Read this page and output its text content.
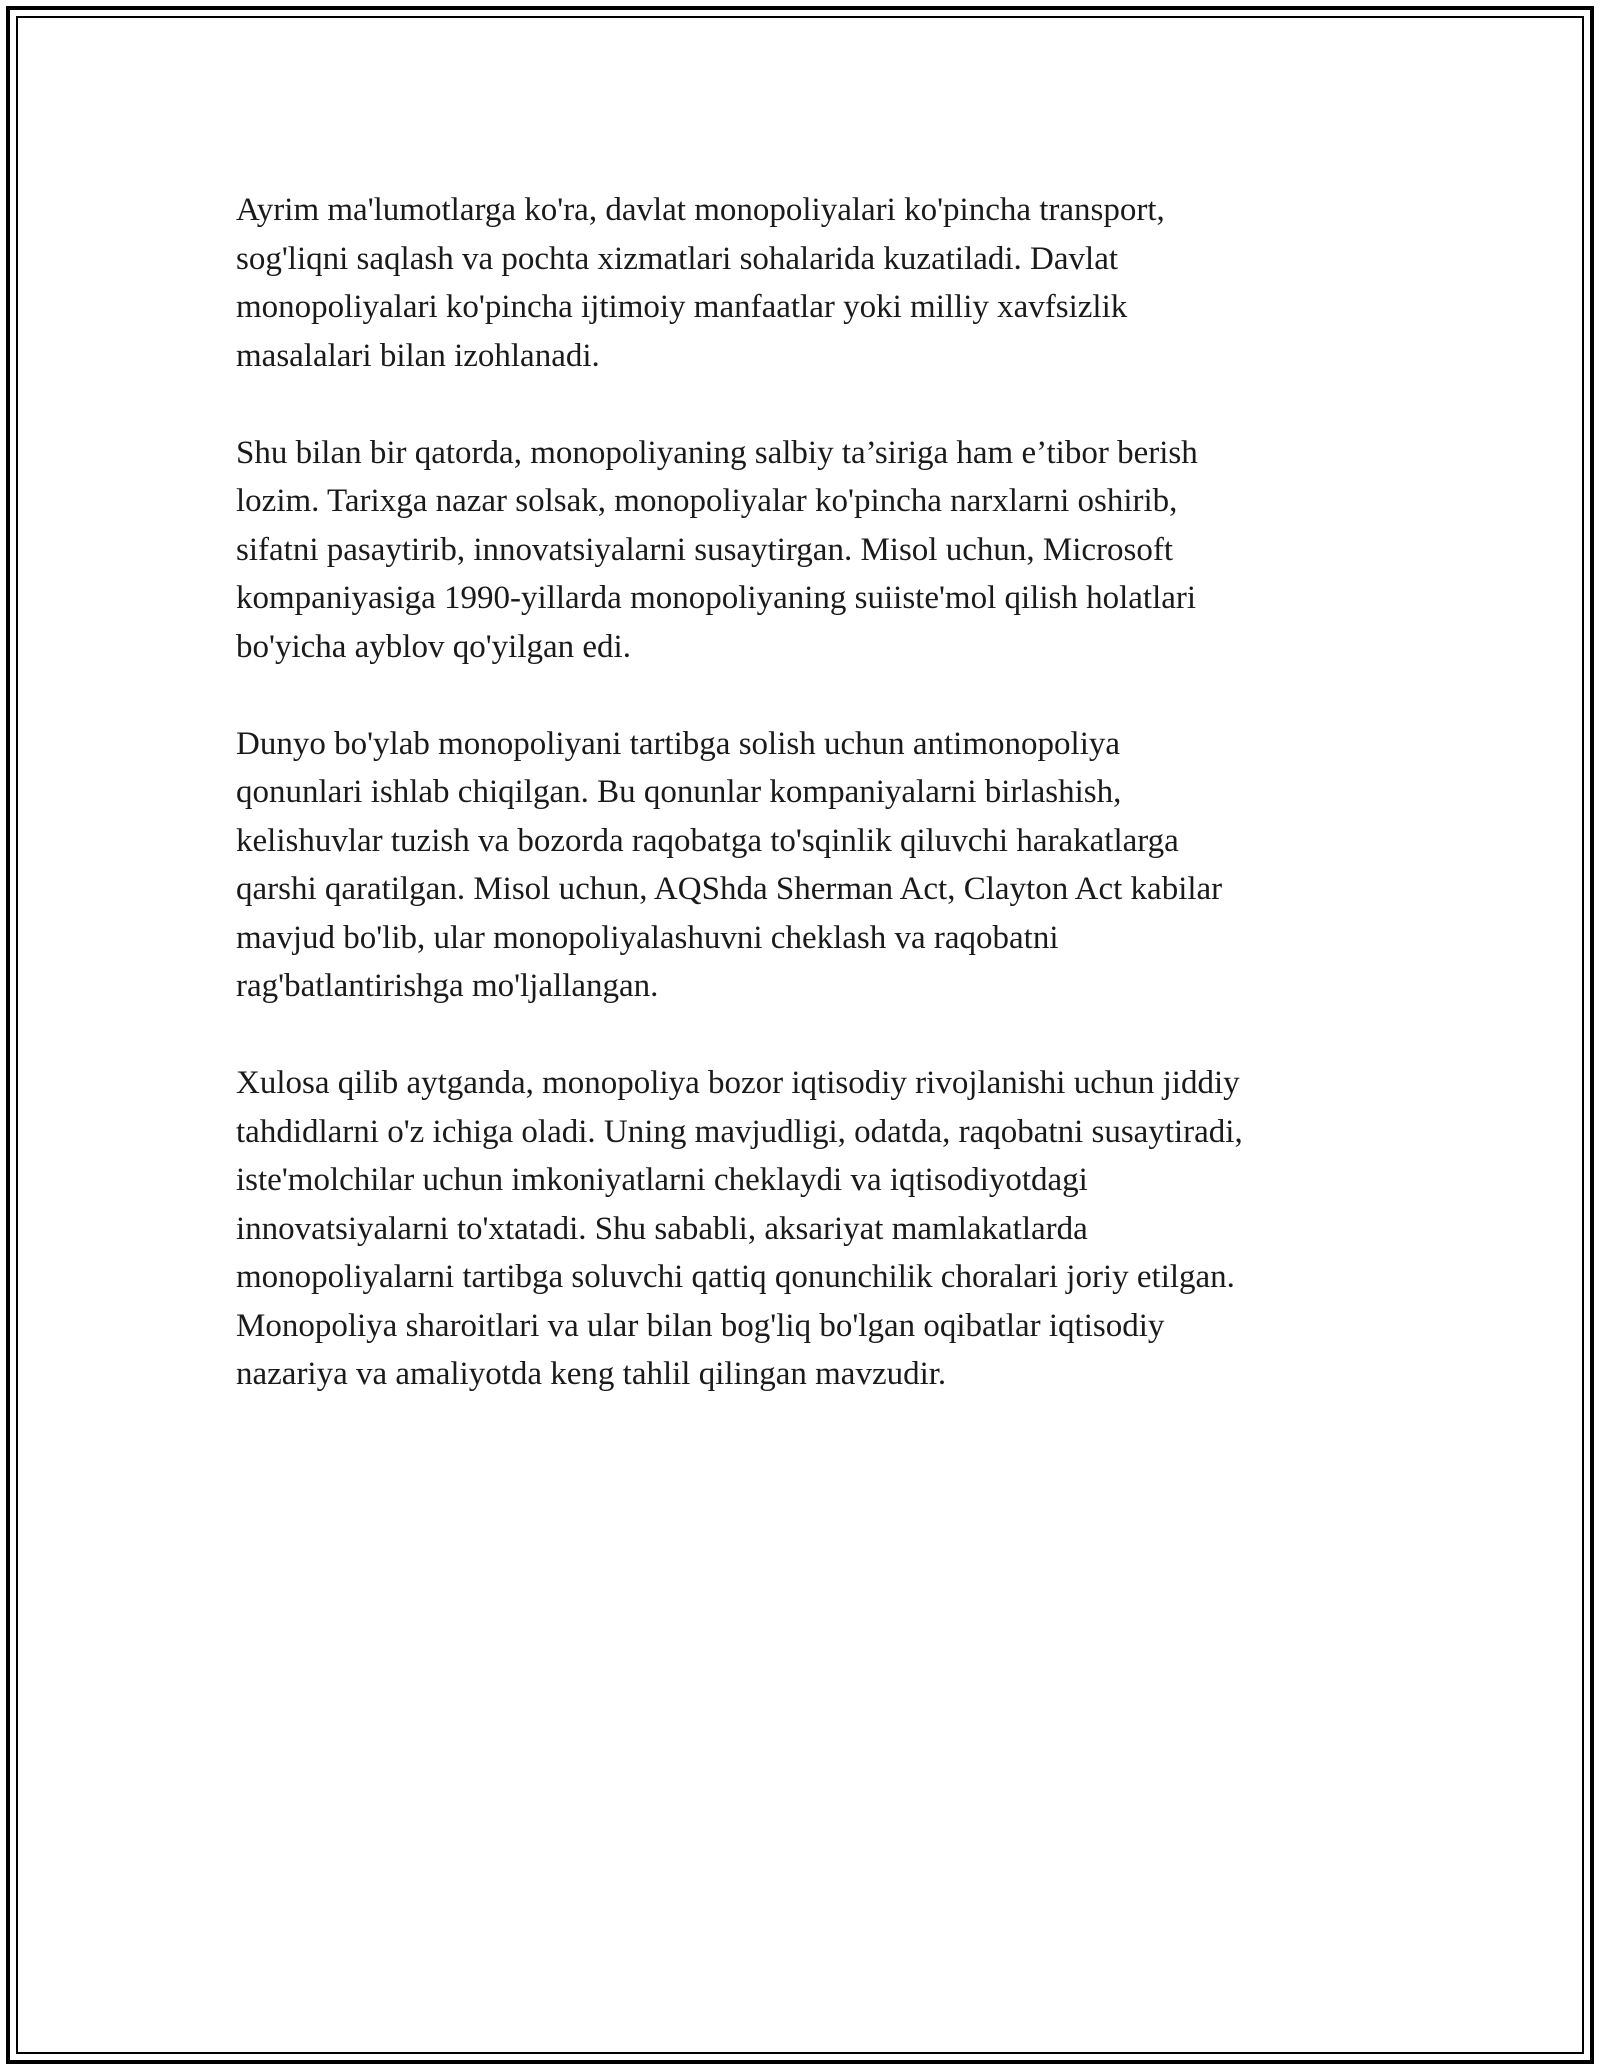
Ayrim ma'lumotlarga ko'ra, davlat monopoliyalari ko'pincha transport,
sog'liqni saqlash va pochta xizmatlari sohalarida kuzatiladi. Davlat
monopoliyalari ko'pincha ijtimoiy manfaatlar yoki milliy xavfsizlik
masalalari bilan izohlanadi.

Shu bilan bir qatorda, monopoliyaning salbiy ta’siriga ham e’tibor berish
lozim. Tarixga nazar solsak, monopoliyalar ko'pincha narxlarni oshirib,
sifatni pasaytirib, innovatsiyalarni susaytirgan. Misol uchun, Microsoft
kompaniyasiga 1990-yillarda monopoliyaning suiiste'mol qilish holatlari
bo'yicha ayblov qo'yilgan edi.

Dunyo bo'ylab monopoliyani tartibga solish uchun antimonopoliya
qonunlari ishlab chiqilgan. Bu qonunlar kompaniyalarni birlashish,
kelishuvlar tuzish va bozorda raqobatga to'sqinlik qiluvchi harakatlarga
qarshi qaratilgan. Misol uchun, AQShda Sherman Act, Clayton Act kabilar
mavjud bo'lib, ular monopoliyalashuvni cheklash va raqobatni
rag'batlantirishga mo'ljallangan.

Xulosa qilib aytganda, monopoliya bozor iqtisodiy rivojlanishi uchun jiddiy
tahdidlarni o'z ichiga oladi. Uning mavjudligi, odatda, raqobatni susaytiradi,
iste'molchilar uchun imkoniyatlarni cheklaydi va iqtisodiyotdagi
innovatsiyalarni to'xtatadi. Shu sababli, aksariyat mamlakatlarda
monopoliyalarni tartibga soluvchi qattiq qonunchilik choralari joriy etilgan.
Monopoliya sharoitlari va ular bilan bog'liq bo'lgan oqibatlar iqtisodiy
nazariya va amaliyotda keng tahlil qilingan mavzudir.
